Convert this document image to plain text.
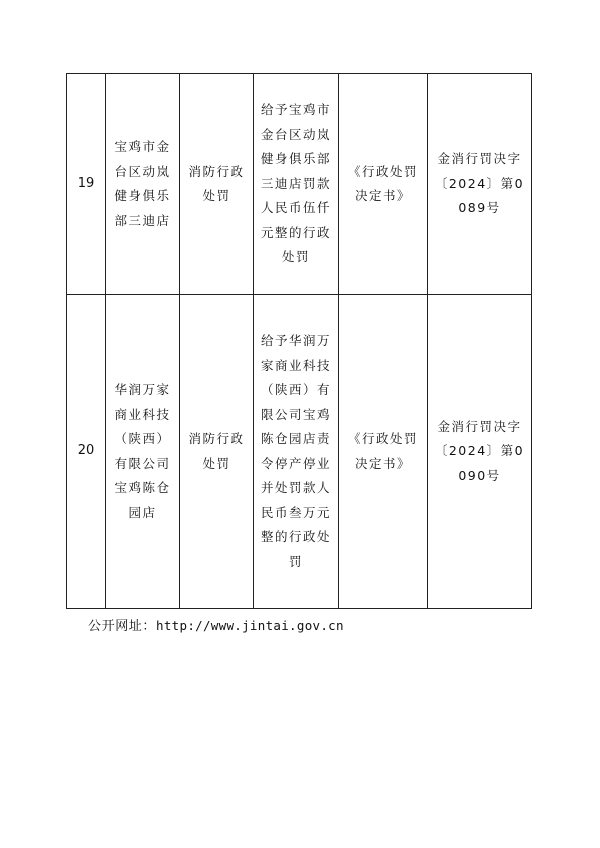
19	宝鸡市金台区动岚健身俱乐部三迪店	消防行政处罚	给予宝鸡市金台区动岚健身俱乐部三迪店罚款人民币伍仟元整的行政处罚	《行政处罚决定书》	金消行罚决字〔2024〕第0089号
20	华润万家商业科技（陕西）有限公司宝鸡陈仓园店	消防行政处罚	给予华润万家商业科技（陕西）有限公司宝鸡陈仓园店责令停产停业并处罚款人民币叁万元整的行政处罚	《行政处罚决定书》	金消行罚决字〔2024〕第0090号
公开网址：http://www.jintai.gov.cn
